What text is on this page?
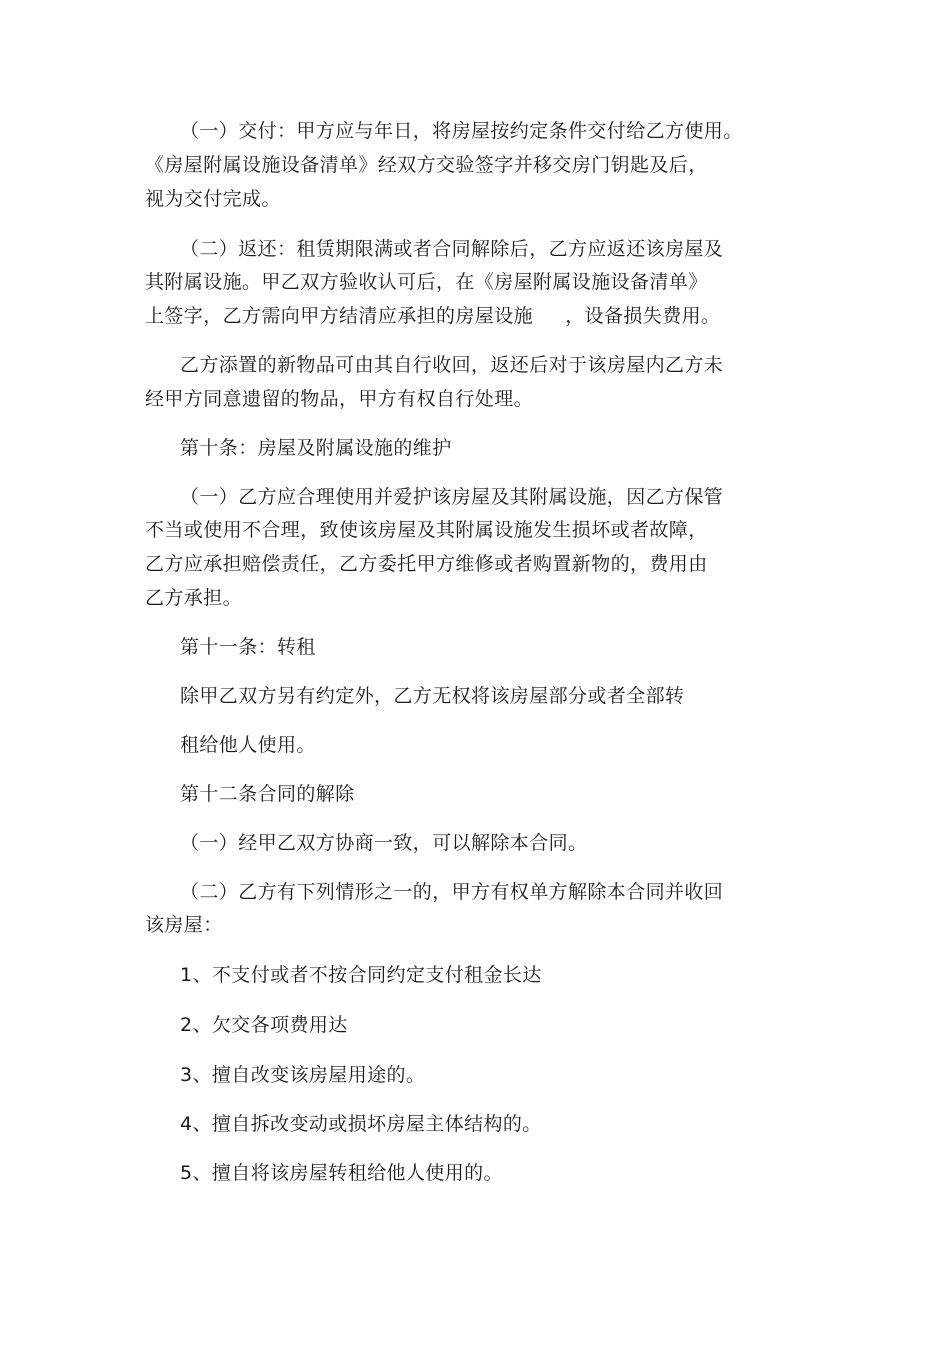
（一）交付：甲方应与年日，将房屋按约定条件交付给乙方使用。
《房屋附属设施设备清单》经双方交验签字并移交房门钥匙及后，
视为交付完成。
（二）返还：租赁期限满或者合同解除后，乙方应返还该房屋及
其附属设施。甲乙双方验收认可后，在《房屋附属设施设备清单》
上签字，乙方需向甲方结清应承担的房屋设施     ，设备损失费用。
乙方添置的新物品可由其自行收回，返还后对于该房屋内乙方未
经甲方同意遗留的物品，甲方有权自行处理。
第十条：房屋及附属设施的维护
（一）乙方应合理使用并爱护该房屋及其附属设施，因乙方保管
不当或使用不合理，致使该房屋及其附属设施发生损坏或者故障，
乙方应承担赔偿责任，乙方委托甲方维修或者购置新物的，费用由
乙方承担。
第十一条：转租
除甲乙双方另有约定外，乙方无权将该房屋部分或者全部转
租给他人使用。
第十二条合同的解除
（一）经甲乙双方协商一致，可以解除本合同。
（二）乙方有下列情形之一的，甲方有权单方解除本合同并收回
该房屋：
1、不支付或者不按合同约定支付租金长达
2、欠交各项费用达
3、擅自改变该房屋用途的。
4、擅自拆改变动或损坏房屋主体结构的。
5、擅自将该房屋转租给他人使用的。
